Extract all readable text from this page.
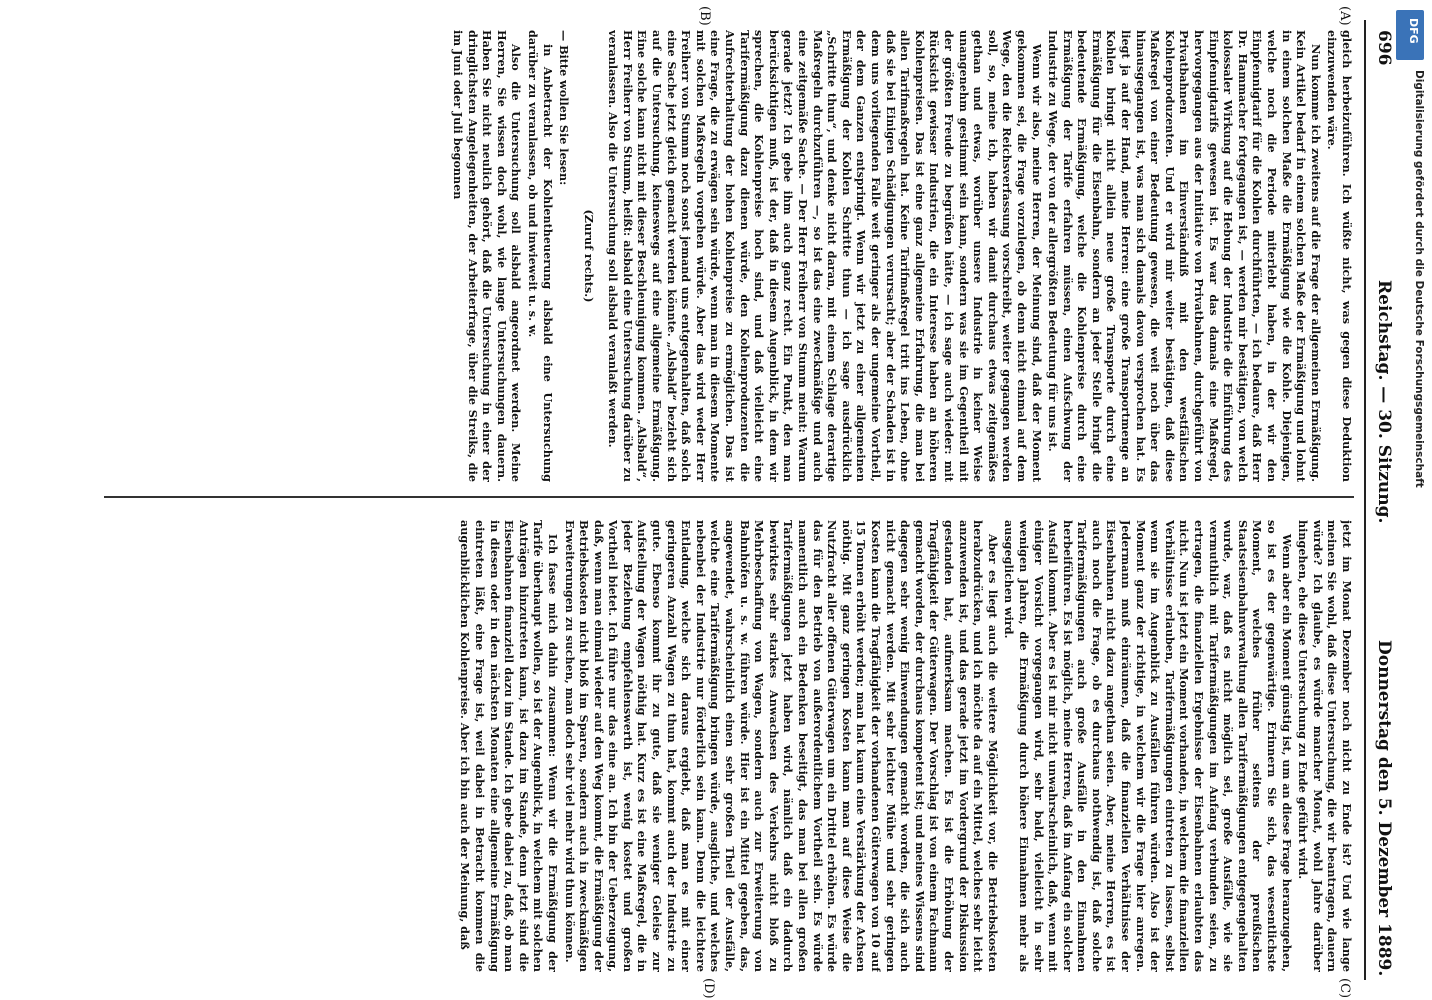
696
Reichstag. — 30. Sitzung.
Donnerstag den 5. Dezember 1889.
(A)
(B)
(C)
(D)

gleich herbeizuführen. Ich wüßte nicht, was gegen diese Deduktion einzuwenden wäre.

Nun komme ich zweitens auf die Frage der allgemeinen Ermäßigung. Kein Artikel bedarf in einem solchen Maße der Ermäßigung und lohnt in einem solchen Maße die Ermäßigung wie die Kohle. Diejenigen, welche noch die Periode miterlebt haben, in der wir den Einpfennigtarif für die Kohlen durchführten, — ich bedaure, daß Herr Dr. Hammacher fortgegangen ist, — werden mir bestätigen, von welch kolossaler Wirkung auf die Hebung der Industrie die Einführung des Einpfennigtarifs gewesen ist. Es war das damals eine Maßregel, hervorgegangen aus der Initiative von Privatbahnen, durchgeführt von Privatbahnen im Einverständniß mit den westfälischen Kohlenproduzenten. Und er wird mir weiter bestätigen, daß diese Maßregel von einer Bedeutung gewesen, die weit noch über das hinausgegangen ist, was man sich damals davon versprochen hat. Es liegt ja auf der Hand, meine Herren: eine große Transportmenge an Kohlen bringt nicht allein neue große Transporte durch eine Ermäßigung für die Eisenbahn, sondern an jeder Stelle bringt die bedeutende Ermäßigung, welche die Kohlenpreise durch eine Ermäßigung der Tarife erfahren müssen, einen Aufschwung der Industrie zu Wege, der von der allergrößten Bedeutung für uns ist.

Wenn wir also, meine Herren, der Meinung sind, daß der Moment gekommen sei, die Frage vorzulegen, ob denn nicht einmal auf dem Wege, den die Reichsverfassung vorschreibt, weiter gegangen werden soll, so, meine ich, haben wir damit durchaus etwas zeitgemäßes gethan und etwas, worüber unsere Industrie in keiner Weise unangenehm gestimmt sein kann, sondern was sie im Gegentheil mit der größten Freude zu begrüßen hätte, — ich sage auch wieder: mit Rücksicht gewisser Industrien, die ein Interesse haben an höheren Kohlenpreisen. Das ist eine ganz allgemeine Erfahrung, die man bei allen Tarifmaßregeln hat. Keine Tarifmaßregel tritt ins Leben, ohne daß sie bei Einigen Schädigungen verursacht; aber der Schaden ist in dem uns vorliegenden Falle weit geringer als der ungemeine Vortheil, der dem Ganzen entspringt. Wenn wir jetzt zu einer allgemeinen Ermäßigung der Kohlen Schritte thun — ich sage ausdrücklich „Schritte thun“, und denke nicht daran, mit einem Schlage derartige Maßregeln durchzuführen —, so ist das eine zweckmäßige und auch eine zeitgemäße Sache. — Der Herr Freiherr von Stumm meint: Warum gerade jetzt? Ich gebe ihm auch ganz recht. Ein Punkt, den man berücksichtigen muß, ist der, daß in diesem Augenblick, in dem wir sprechen, die Kohlenpreise hoch sind, und daß vielleicht eine Tarifermäßigung dazu dienen würde, den Kohlenproduzenten die Aufrechterhaltung der hohen Kohlenpreise zu ermöglichen. Das ist eine Frage, die zu erwägen sein würde, wenn man in diesem Momente mit solchen Maßregeln vorgehen würde. Aber das wird weder Herr Freiherr von Stumm noch sonst jemand uns entgegenhalten, daß solch eine Sache jetzt gleich gemacht werden könnte. „Alsbald“ bezieht sich auf die Untersuchung, keineswegs auf eine allgemeine Ermäßigung. Eine solche kann nicht mit dieser Beschleunigung kommen. „Alsbald“, Herr Freiherr von Stumm, heißt: alsbald eine Untersuchung darüber zu veranlassen. Also die Untersuchung soll alsbald veranlaßt werden.

(Zuruf rechts.)

— Bitte wollen Sie lesen:

in Anbetracht der Kohlentheuerung alsbald eine Untersuchung darüber zu veranlassen, ob und inwieweit u. s. w.

Also die Untersuchung soll alsbald angeordnet werden. Meine Herren, Sie wissen doch wohl, wie lange Untersuchungen dauern. Haben Sie nicht neulich gehört, daß die Untersuchung in einer der dringlichsten Angelegenheiten, der Arbeiterfrage, über die Streiks, die im Juni oder Juli begonnen

jetzt im Monat Dezember noch nicht zu Ende ist? Und wie lange meinen Sie wohl, daß diese Untersuchung, die wir beantragen, dauern würde? Ich glaube, es würde mancher Monat, wohl Jahre darüber hingehen, ehe diese Untersuchung zu Ende geführt wird.

Wenn aber ein Moment günstig ist, um an diese Frage heranzugehen, so ist es der gegenwärtige. Erinnern Sie sich, das wesentlichste Moment, welches früher seitens der preußischen Staatseisenbahnverwaltung allen Tarifermäßigungen entgegengehalten wurde, war, daß es nicht möglich sei, große Ausfälle, wie sie vermuthlich mit Tarifermäßigungen im Anfang verbunden seien, zu ertragen, die finanziellen Ergebnisse der Eisenbahnen erlaubten das nicht. Nun ist jetzt ein Moment vorhanden, in welchem die finanziellen Verhältnisse erlauben, Tarifermäßigungen eintreten zu lassen, selbst wenn sie im Augenblick zu Ausfällen führen würden. Also ist der Moment ganz der richtige, in welchem wir die Frage hier anregen. Jedermann muß einräumen, daß die finanziellen Verhältnisse der Eisenbahnen nicht dazu angethan seien. Aber, meine Herren, es ist auch noch die Frage, ob es durchaus nothwendig ist, daß solche Tarifermäßigungen auch große Ausfälle in den Einnahmen herbeiführen. Es ist möglich, meine Herren, daß im Anfang ein solcher Ausfall kommt. Aber es ist mir nicht unwahrscheinlich, daß, wenn mit einiger Vorsicht vorgegangen wird, sehr bald, vielleicht in sehr wenigen Jahren, die Ermäßigung durch höhere Einnahmen mehr als ausgeglichen wird.

Aber es liegt auch die weitere Möglichkeit vor, die Betriebskosten herabzudrücken, und ich möchte da auf ein Mittel, welches sehr leicht anzuwenden ist, und das gerade jetzt im Vordergrund der Diskussion gestanden hat, aufmerksam machen. Es ist die Erhöhung der Tragfähigkeit der Güterwagen. Der Vorschlag ist von einem Fachmann gemacht worden, der durchaus kompetent ist; und meines Wissens sind dagegen sehr wenig Einwendungen gemacht worden, die sich auch nicht gemacht werden. Mit sehr leichter Mühe und sehr geringen Kosten kann die Tragfähigkeit der vorhandenen Güterwagen von 10 auf 15 Tonnen erhöht werden; man hat kaum eine Verstärkung der Achsen nöthig. Mit ganz geringen Kosten kann man auf diese Weise die Nutzfracht aller offenen Güterwagen um ein Drittel erhöhen. Es würde das für den Betrieb von außerordentlichem Vortheil sein. Es würde namentlich auch ein Bedenken beseitigt, das man bei allen großen Tarifermäßigungen jetzt haben wird, nämlich daß ein dadurch bewirktes sehr starkes Anwachsen des Verkehrs nicht bloß zu Mehrbeschaffung von Wagen, sondern auch zur Erweiterung von Bahnhöfen u. s. w. führen würde. Hier ist ein Mittel gegeben, das, angewendet, wahrscheinlich einen sehr großen Theil der Ausfälle, welche eine Tarifermäßigung bringen würde, ausgliche, und welches nebenbei der Industrie nur förderlich sein kann. Denn die leichtere Entladung, welche sich daraus ergiebt, daß man es mit einer geringeren Anzahl Wagen zu thun hat, kommt auch der Industrie zu gute. Ebenso kommt ihr zu gute, daß sie weniger Geleise zur Aufstellung der Wagen nöthig hat. Kurz es ist eine Maßregel, die in jeder Beziehung empfehlenswerth ist, wenig kostet und großen Vortheil bietet. Ich führe nur das eine an. Ich bin der Ueberzeugung, daß, wenn man einmal wieder auf den Weg kommt, die Ermäßigung der Betriebskosten nicht bloß im Sparen, sondern auch in zweckmäßigen Erweiterungen zu suchen, man doch sehr viel mehr wird thun können.

Ich fasse mich dahin zusammen: Wenn wir die Ermäßigung der Tarife überhaupt wollen, so ist der Augenblick, in welchem mit solchen Anträgen hinzutreten kann, ist dazu im Stande, denn jetzt sind die Eisenbahnen finanziell dazu im Stande. Ich gebe dabei zu, daß, ob man in diesen oder in den nächsten Monaten eine allgemeine Ermäßigung eintreten läßt, eine Frage ist, weil dabei in Betracht kommen die augenblicklichen Kohlenpreise. Aber ich bin auch der Meinung, daß

DFG
Digitalisierung gefördert durch die Deutsche Forschungsgemeinschaft
